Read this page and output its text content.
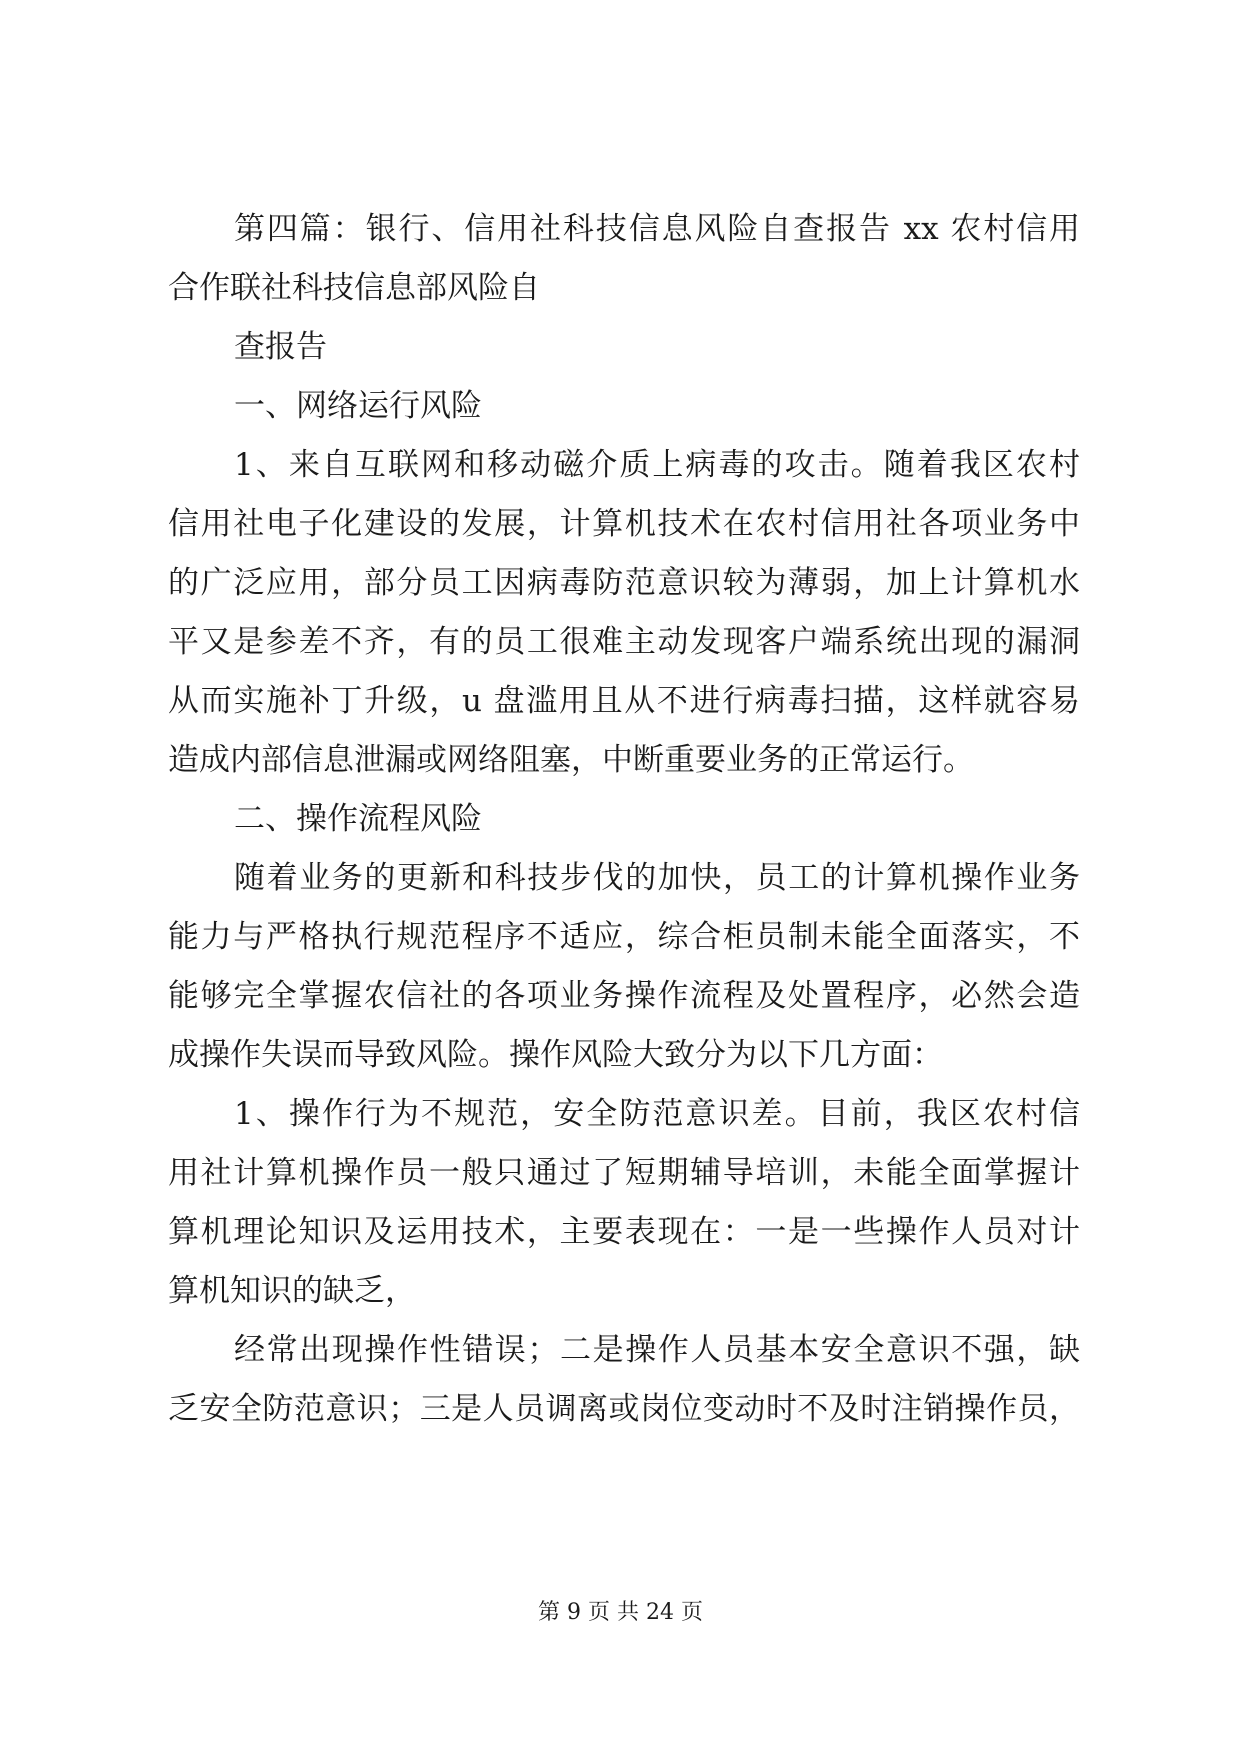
第四篇：银行、信用社科技信息风险自查报告 xx 农村信用
合作联社科技信息部风险自
查报告
一、网络运行风险
1、来自互联网和移动磁介质上病毒的攻击。随着我区农村
信用社电子化建设的发展，计算机技术在农村信用社各项业务中
的广泛应用，部分员工因病毒防范意识较为薄弱，加上计算机水
平又是参差不齐，有的员工很难主动发现客户端系统出现的漏洞
从而实施补丁升级，u 盘滥用且从不进行病毒扫描，这样就容易
造成内部信息泄漏或网络阻塞，中断重要业务的正常运行。
二、操作流程风险
随着业务的更新和科技步伐的加快，员工的计算机操作业务
能力与严格执行规范程序不适应，综合柜员制未能全面落实，不
能够完全掌握农信社的各项业务操作流程及处置程序，必然会造
成操作失误而导致风险。操作风险大致分为以下几方面：
1、操作行为不规范，安全防范意识差。目前，我区农村信
用社计算机操作员一般只通过了短期辅导培训，未能全面掌握计
算机理论知识及运用技术，主要表现在：一是一些操作人员对计
算机知识的缺乏，
经常出现操作性错误；二是操作人员基本安全意识不强，缺
乏安全防范意识；三是人员调离或岗位变动时不及时注销操作员，
第 9 页 共 24 页
